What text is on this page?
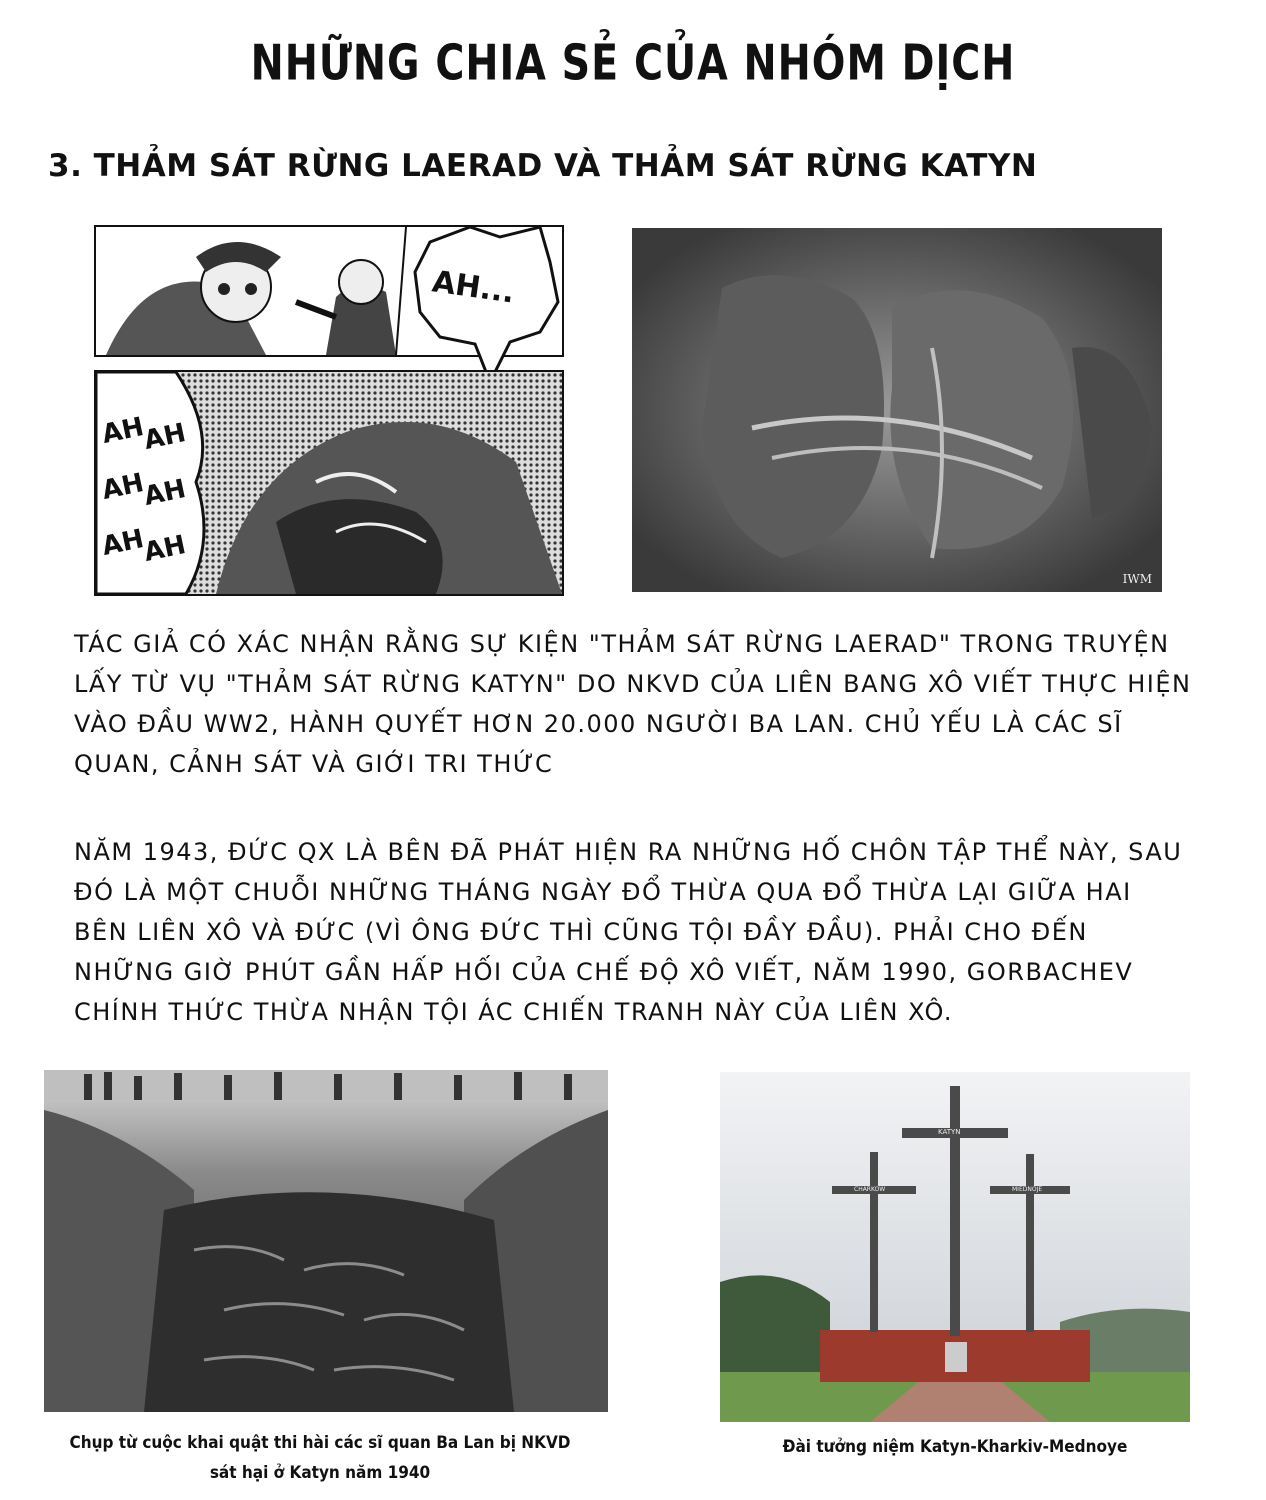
NHỮNG CHIA SẺ CỦA NHÓM DỊCH
3. THẢM SÁT RỪNG LAERAD VÀ THẢM SÁT RỪNG KATYN
AH...
AH
AH
AH
AH
AH
AH
IWM
TÁC GIẢ CÓ XÁC NHẬN RẰNG SỰ KIỆN "THẢM SÁT RỪNG LAERAD" TRONG TRUYỆN LẤY TỪ VỤ "THẢM SÁT RỪNG KATYN" DO NKVD CỦA LIÊN BANG XÔ VIẾT THỰC HIỆN VÀO ĐẦU WW2, HÀNH QUYẾT HƠN 20.000 NGƯỜI BA LAN. CHỦ YẾU LÀ CÁC SĨ QUAN, CẢNH SÁT VÀ GIỚI TRI THỨC
NĂM 1943, ĐỨC QX LÀ BÊN ĐÃ PHÁT HIỆN RA NHỮNG HỐ CHÔN TẬP THỂ NÀY, SAU ĐÓ LÀ MỘT CHUỖI NHỮNG THÁNG NGÀY ĐỔ THỪA QUA ĐỔ THỪA LẠI GIỮA HAI BÊN LIÊN XÔ VÀ ĐỨC (VÌ ÔNG ĐỨC THÌ CŨNG TỘI ĐẦY ĐẦU). PHẢI CHO ĐẾN NHỮNG GIỜ PHÚT GẦN HẤP HỐI CỦA CHẾ ĐỘ XÔ VIẾT, NĂM 1990, GORBACHEV CHÍNH THỨC THỪA NHẬN TỘI ÁC CHIẾN TRANH NÀY CỦA LIÊN XÔ.
Chụp từ cuộc khai quật thi hài các sĩ quan Ba Lan bị NKVD sát hại ở Katyn năm 1940
KATYN
CHARKOW	MIEDNOJE
Đài tưởng niệm Katyn-Kharkiv-Mednoye
